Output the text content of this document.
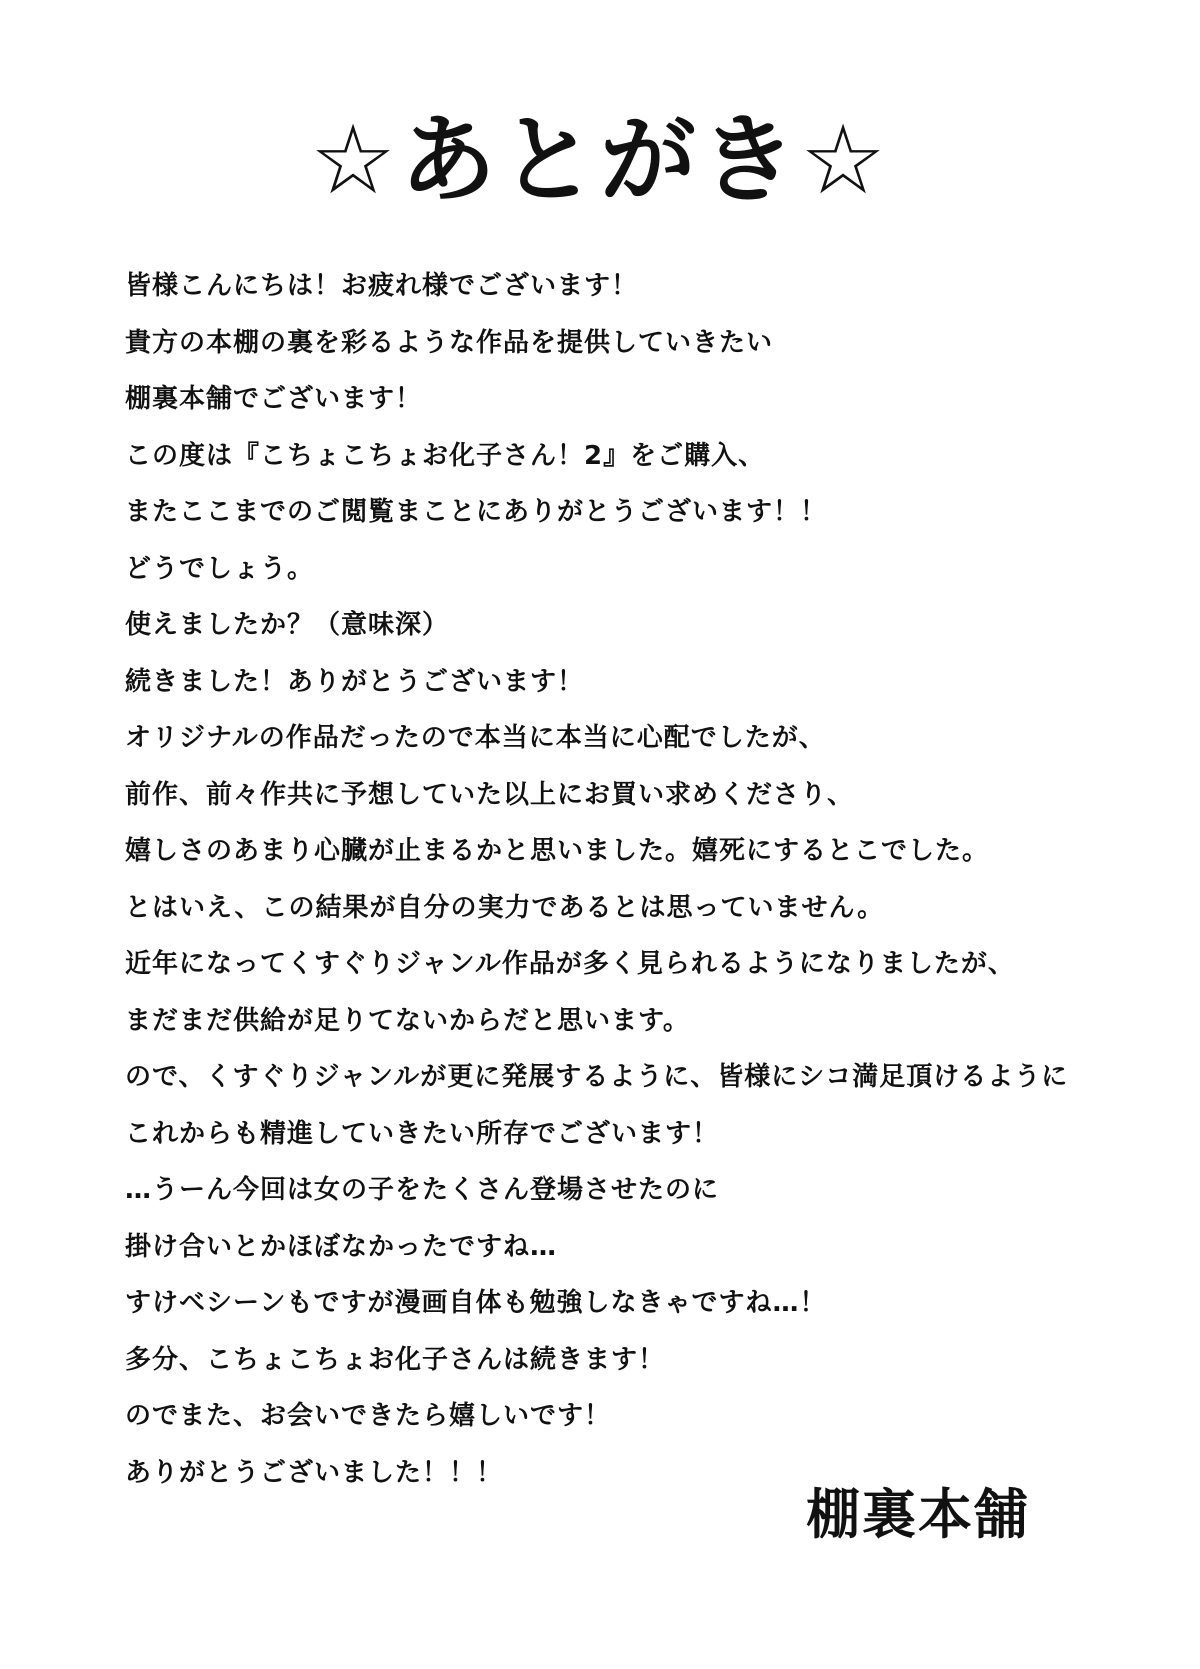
☆あとがき☆
皆様こんにちは！お疲れ様でございます！
貴方の本棚の裏を彩るような作品を提供していきたい
棚裏本舗でございます！
この度は『こちょこちょお化子さん！2』をご購入、
またここまでのご閲覧まことにありがとうございます！！
どうでしょう。
使えましたか？（意味深）
続きました！ありがとうございます！
オリジナルの作品だったので本当に本当に心配でしたが、
前作、前々作共に予想していた以上にお買い求めくださり、
嬉しさのあまり心臓が止まるかと思いました。嬉死にするとこでした。
とはいえ、この結果が自分の実力であるとは思っていません。
近年になってくすぐりジャンル作品が多く見られるようになりましたが、
まだまだ供給が足りてないからだと思います。
ので、くすぐりジャンルが更に発展するように、皆様にシコ満足頂けるように
これからも精進していきたい所存でございます！
…うーん今回は女の子をたくさん登場させたのに
掛け合いとかほぼなかったですね…
すけベシーンもですが漫画自体も勉強しなきゃですね…！
多分、こちょこちょお化子さんは続きます！
のでまた、お会いできたら嬉しいです！
ありがとうございました！！！
棚裏本舗
